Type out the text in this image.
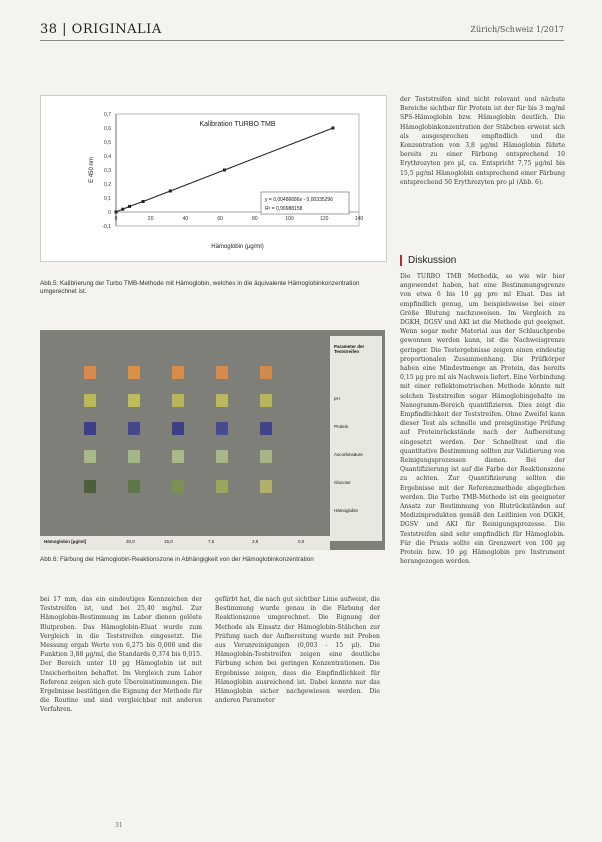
38 | ORIGINALIA	Zürich/Schweiz 1/2017
-0,1
0
0,1
0,2
0,3
0,4
0,5
0,6
0,7
0	20	40	60	80	100	120	140
Kalibration TURBO TMB
Hämoglobin (µg/ml)
E 450 nm
y = 0,00486686x - 0,00335296
R² = 0,99988158
Abb.5: Kalibrierung der Turbo TMB-Methode mit Hämoglobin, welches in die äquivalente Hämoglobinkonzentration umgerechnet ist.
Parameter der Teststreifen
pH
Protein
Ascorbinsäure
Glucose
Hämoglobin
Hämoglobin [µg/ml]	30,0	15,0	7,5	3,8	0,0
Abb.6: Färbung der Hämoglobin-Reaktionszone in Abhängigkeit von der Hämoglobinkonzentration

der Teststreifen sind nicht relevant und nächste Bereiche sichtbar für Protein ist der für bis 3 mg/ml SPS-Hämoglobin bzw. Hämoglobin deutlich. Die Hämoglobinkonzentration der Stäbchen erweist sich als ausgesprochen empfindlich und die Konzentration von 3,8 µg/ml Hämoglobin führte bereits zu einer Färbung entsprechend 10 Erythrozyten pro µl, ca. Entspricht 7,75 µg/ml bis 15,5 µg/ml Hämoglobin entsprechend einer Färbung entsprechend 50 Erythrozyten pro µl (Abb. 6).

Diskussion

Die TURBO TMB Methodik, so wie wir hier angewendet haben, hat eine Bestimmungsgrenze von etwa 6 bis 10 µg pro ml Eluat. Das ist empfindlich genug, um beispielsweise bei einer Größe Blutung nachzuweisen. Im Vergleich zu DGKH, DGSV und AKI ist die Methode gut geeignet. Wenn sogar mehr Material aus der Schlauchprobe gewonnen werden kann, ist die Nachweisgrenze geringer. Die Testergebnisse zeigen einen eindeutig proportionalen Zusammenhang. Die Prüfkörper haben eine Mindestmenge an Protein, das bereits 0,15 µg pro ml als Nachweis liefert. Eine Verbindung mit einer reflektometrischen Methode könnte mit solchen Teststreifen sogar Hämoglobingehalte im Nanogramm-Bereich quantifizieren. Dies zeigt die Empfindlichkeit der Teststreifen. Ohne Zweifel kann dieser Test als schnelle und preisgünstige Prüfung auf Proteinrückstände nach der Aufbereitung eingesetzt werden. Der Schnelltest und die quantitative Bestimmung sollten zur Validierung von Reinigungsprozessen dienen. Bei der Quantifizierung ist auf die Farbe der Reaktionszone zu achten. Zur Quantifizierung sollten die Ergebnisse mit der Referenzmethode abgeglichen werden. Die Turbo TMB-Methode ist ein geeigneter Ansatz zur Bestimmung von Blutrückständen auf Medizinprodukten gemäß den Leitlinien von DGKH, DGSV und AKI für Reinigungsprozesse. Die Teststreifen sind sehr empfindlich für Hämoglobin. Für die Praxis sollte ein Grenzwert von 100 µg Protein bzw. 10 µg Hämoglobin pro Instrument herangezogen werden.

bei 17 mm, das ein eindeutiges Kennzeichen der Teststreifen ist, und bei 25,40 mg/ml. Zur Hämoglobin-Bestimmung im Labor dienen gelöste Blutproben. Das Hämoglobin-Eluat wurde zum Vergleich in die Teststreifen eingesetzt. Die Messung ergab Werte von 6,275 bis 0,006 und die Funktion 3,88 µg/ml, die Standards 0,374 bis 0,015. Der Bereich unter 10 µg Hämoglobin ist mit Unsicherheiten behaftet. Im Vergleich zum Labor Referenz zeigen sich gute Übereinstimmungen. Die Ergebnisse bestätigen die Eignung der Methode für die Routine und sind vergleichbar mit anderen Verfahren.

gefärbt hat, die nach gut sichtbar Linie aufweist, die Bestimmung wurde genau in die Färbung der Reaktionszone umgerechnet. Die Eignung der Methode als Einsatz der Hämoglobin-Stäbchen zur Prüfung nach der Aufbereitung wurde mit Proben aus Verunreinigungen (0,003 - 15 µl). Die Hämoglobin-Teststreifen zeigen eine deutliche Färbung schon bei geringen Konzentrationen. Die Ergebnisse zeigen, dass die Empfindlichkeit für Hämoglobin ausreichend ist. Dabei konnte nur das Hämoglobin sicher nachgewiesen werden. Die anderen Parameter

31
